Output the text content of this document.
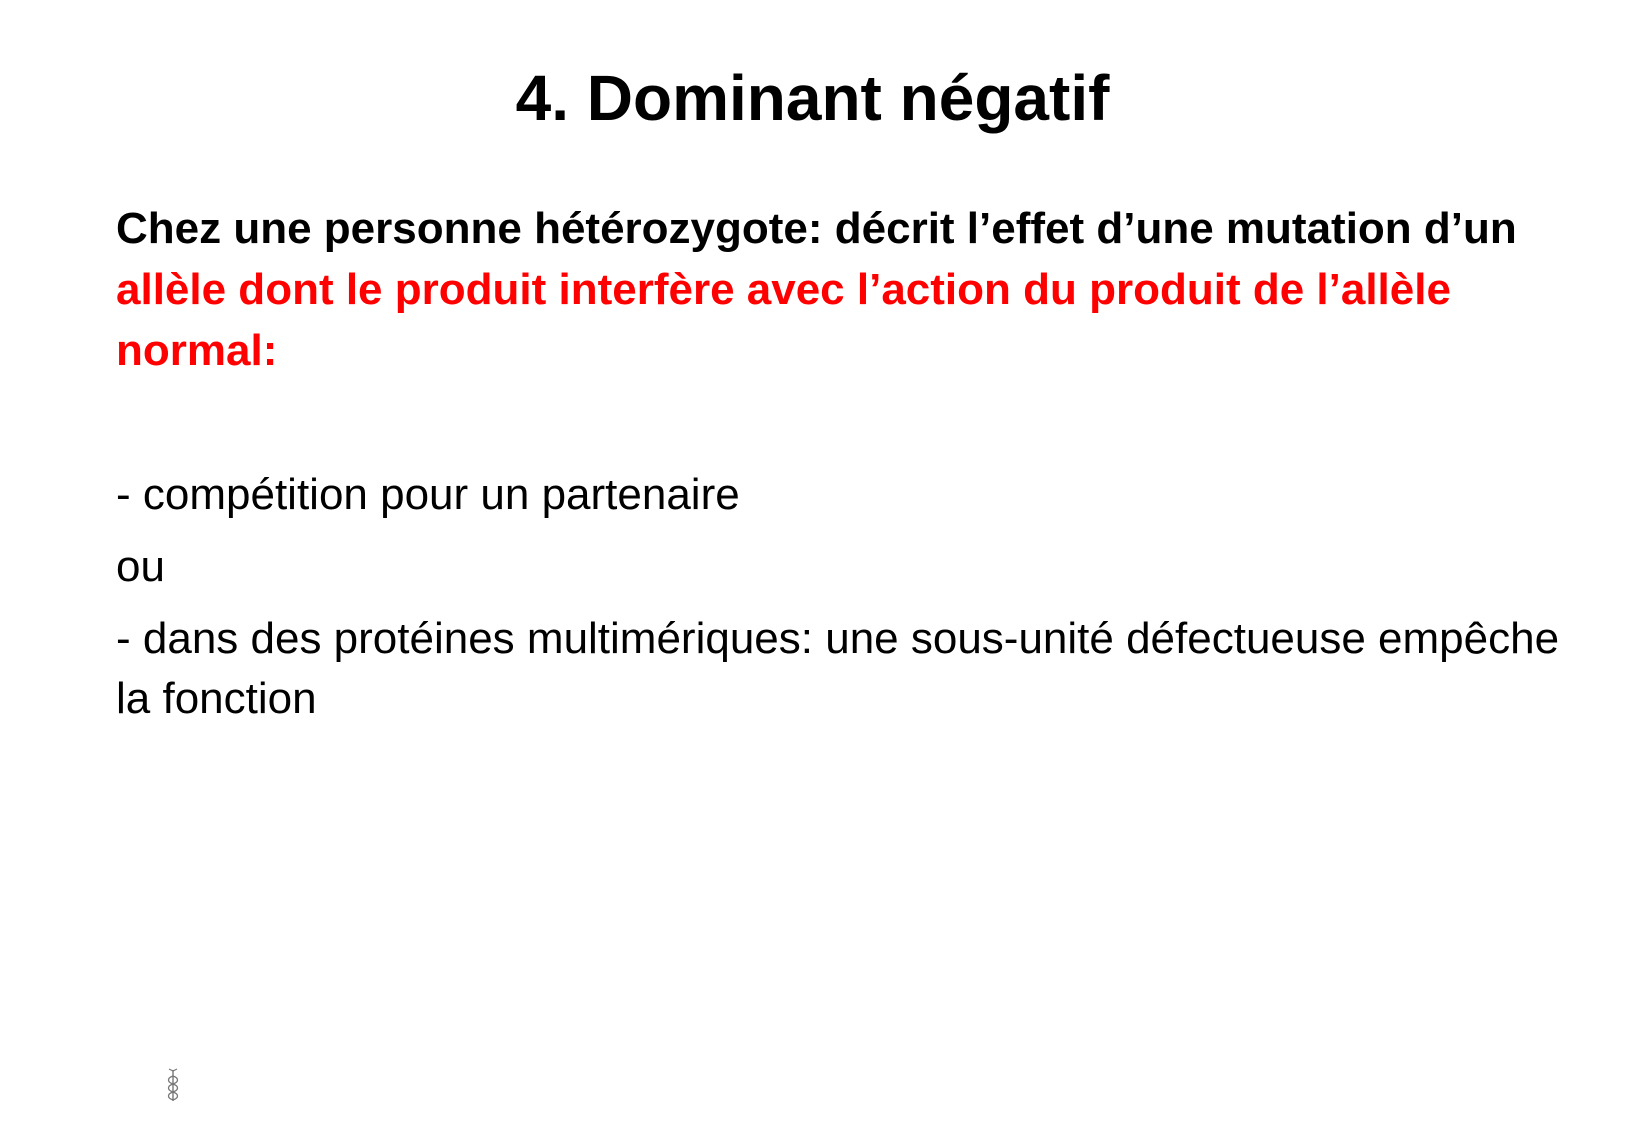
4. Dominant négatif

Chez une personne hétérozygote: décrit l’effet d’une mutation d’un allèle dont le produit interfère avec l’action du produit de l’allèle normal:

- compétition pour un partenaire

ou

- dans des protéines multimériques: une sous-unité défectueuse empêche la fonction
